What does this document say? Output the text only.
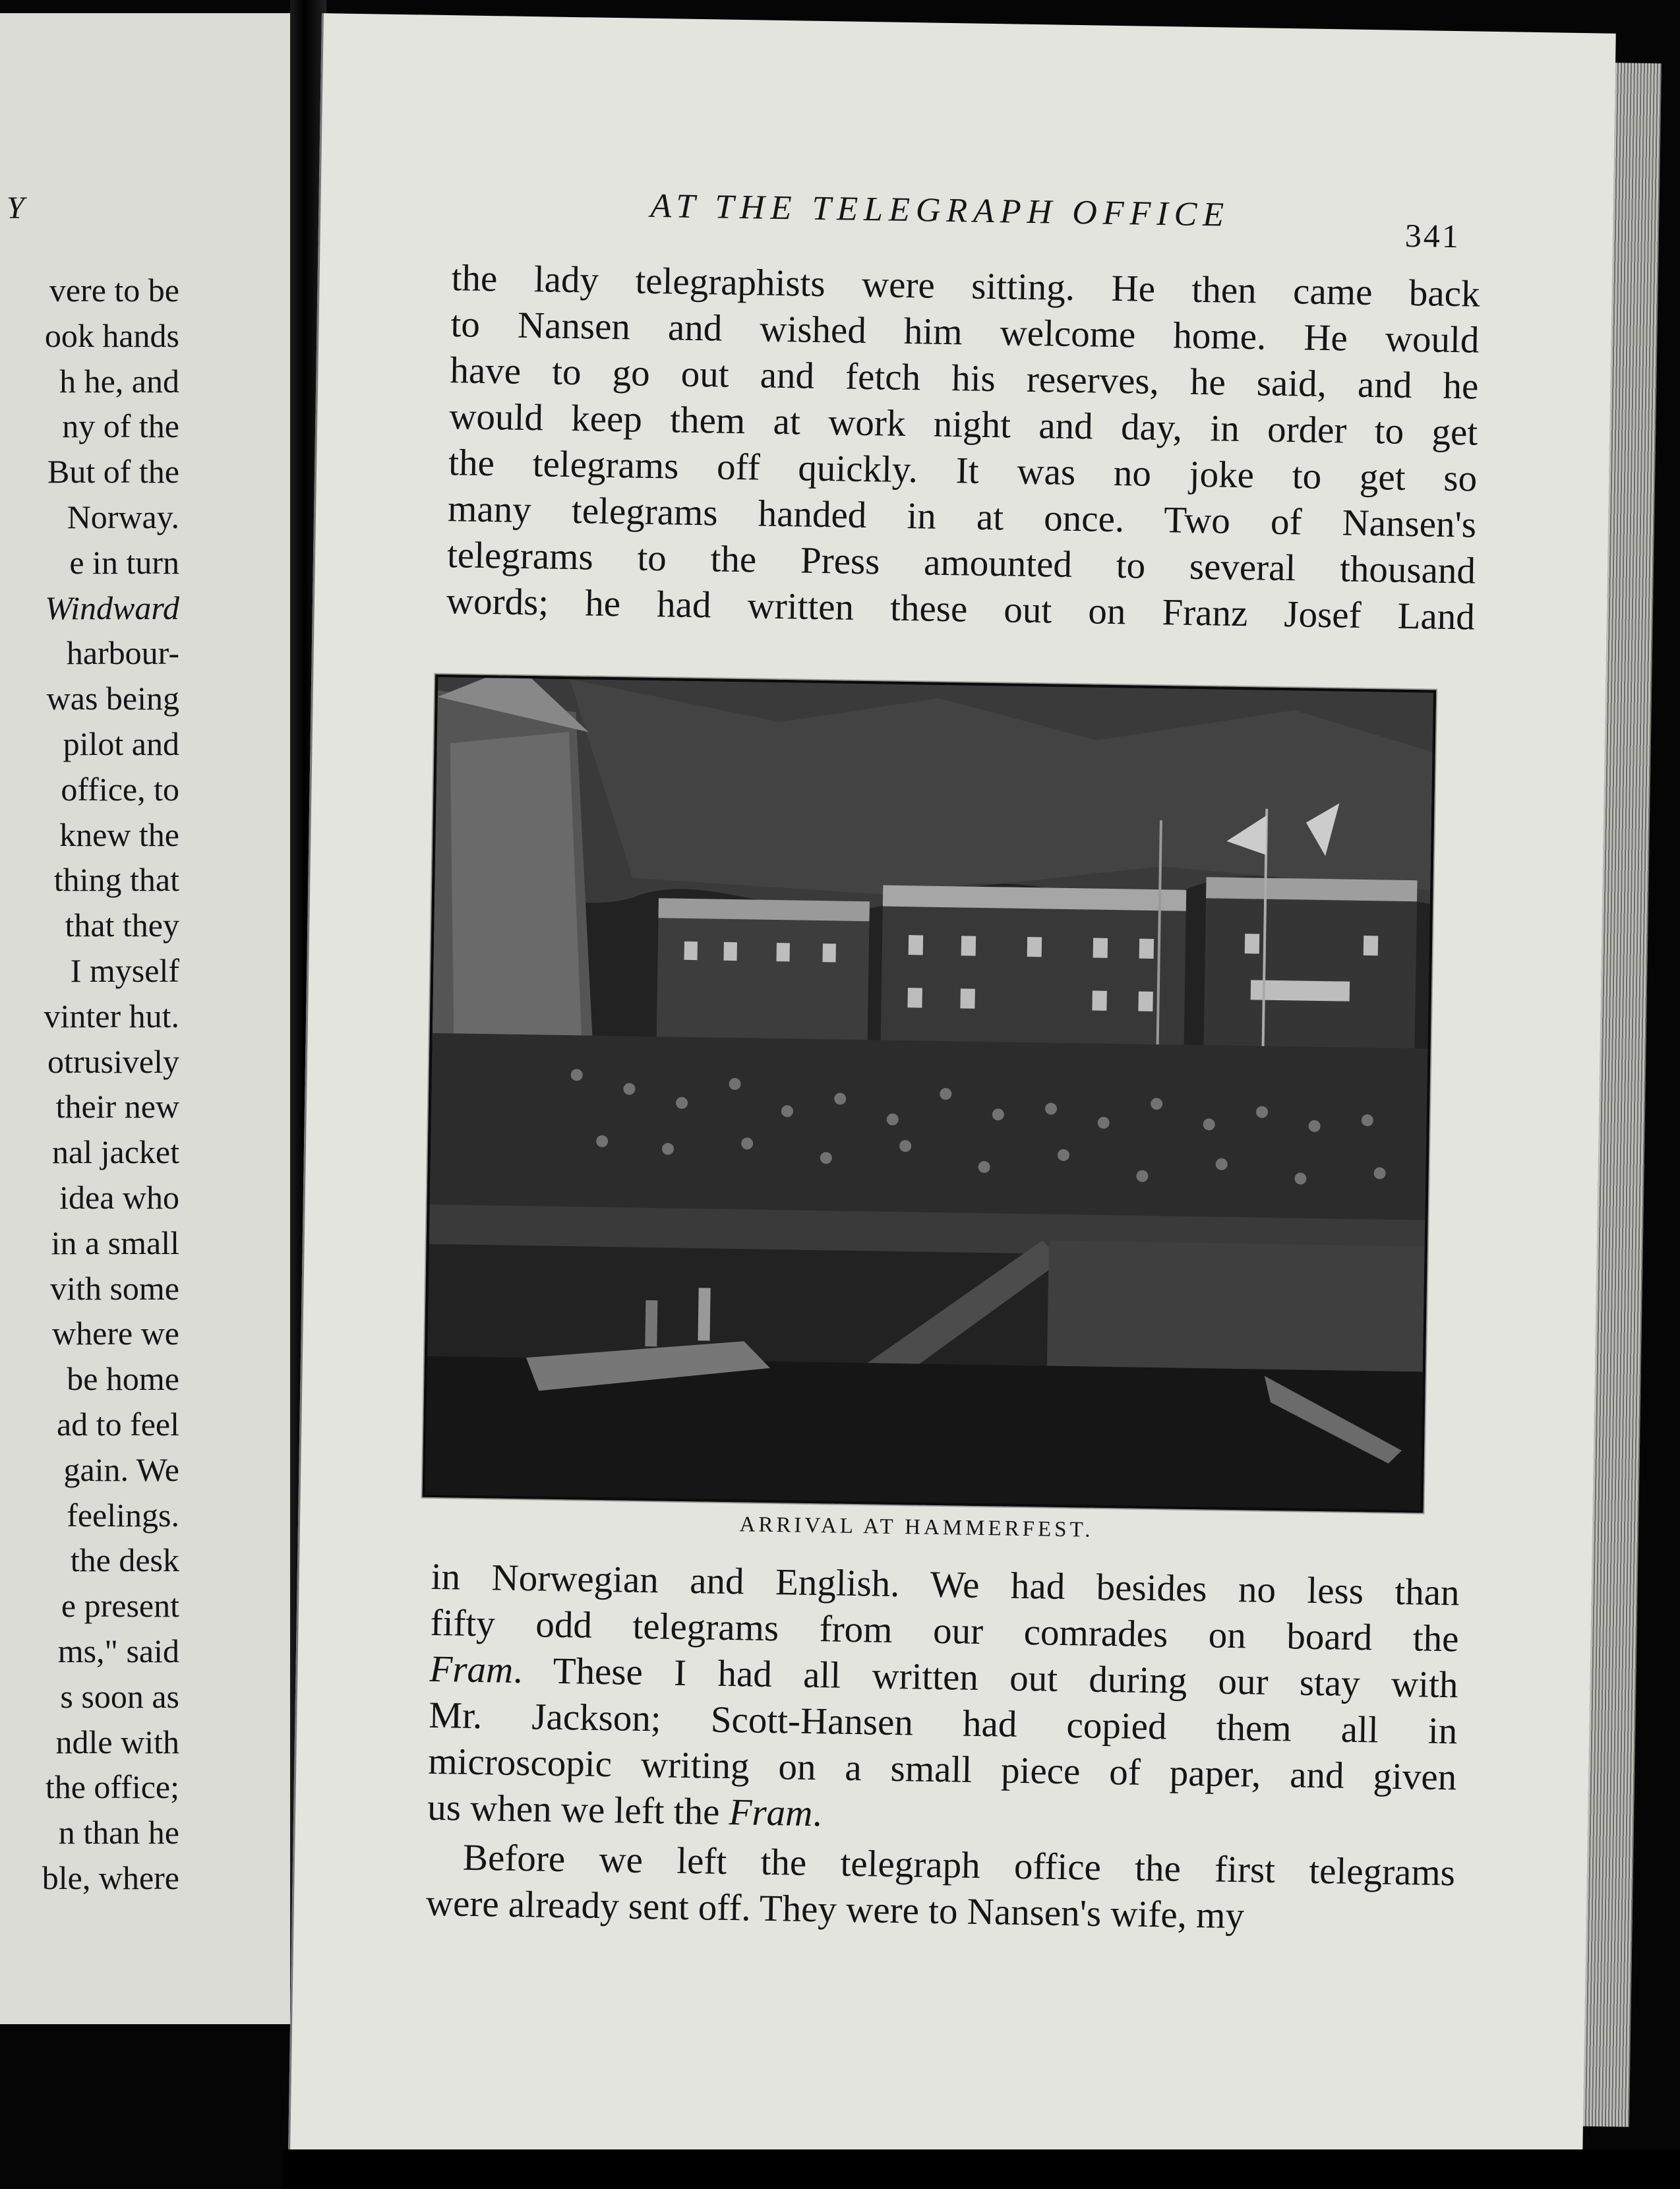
Y
vere to be
ook hands
h he, and
ny of the
But of the
Norway.
e in turn
Windward
harbour-
was being
pilot and
office, to
knew the
thing that
that they
I myself
vinter hut.
otrusively
their new
nal jacket
idea who
in a small
vith some
where we
be home
ad to feel
gain. We
feelings.
the desk
e present
ms," said
s soon as
ndle with
the office;
n than he
ble, where
AT THE TELEGRAPH OFFICE
341
the lady telegraphists were sitting. He then came back
to Nansen and wished him welcome home. He would
have to go out and fetch his reserves, he said, and he
would keep them at work night and day, in order to get
the telegrams off quickly. It was no joke to get so
many telegrams handed in at once. Two of Nansen's
telegrams to the Press amounted to several thousand
words; he had written these out on Franz Josef Land
ARRIVAL AT HAMMERFEST.
in Norwegian and English. We had besides no less than
fifty odd telegrams from our comrades on board the
Fram. These I had all written out during our stay with
Mr. Jackson; Scott-Hansen had copied them all in
microscopic writing on a small piece of paper, and given
us when we left the Fram.
Before we left the telegraph office the first telegrams
were already sent off. They were to Nansen's wife, my
